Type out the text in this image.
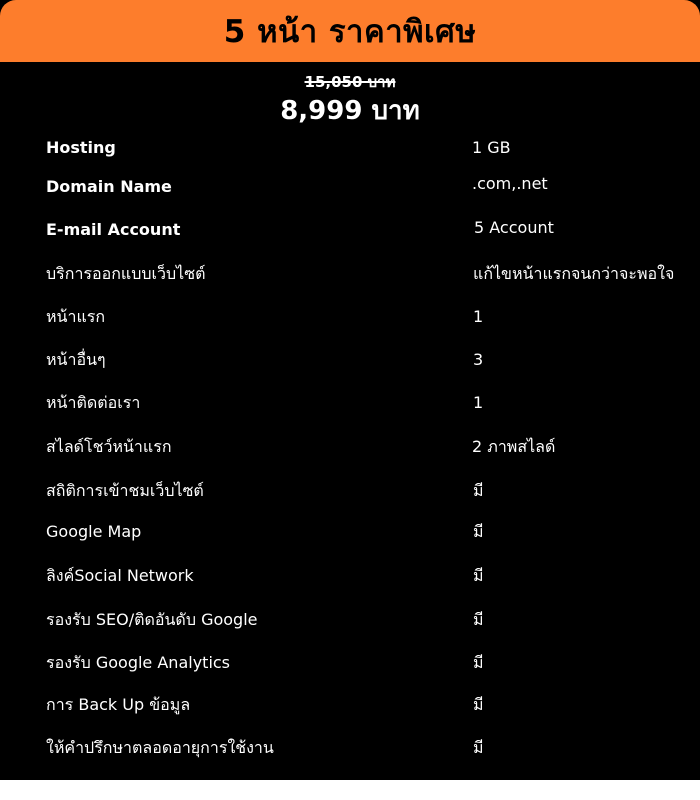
5 หน้า ราคาพิเศษ
15,050 บาท
8,999 บาท
Hosting	1 GB
Domain Name	.com,.net
E-mail Account	5 Account
บริการออกแบบเว็บไซต์	แก้ไขหน้าแรกจนกว่าจะพอใจ
หน้าแรก	1
หน้าอื่นๆ	3
หน้าติดต่อเรา	1
สไลด์โชว์หน้าแรก	2 ภาพสไลด์
สถิติการเข้าชมเว็บไซต์	มี
Google Map	มี
ลิงค์Social Network	มี
รองรับ SEO/ติดอันดับ Google	มี
รองรับ Google Analytics	มี
การ Back Up ข้อมูล	มี
ให้คำปรึกษาตลอดอายุการใช้งาน	มี
